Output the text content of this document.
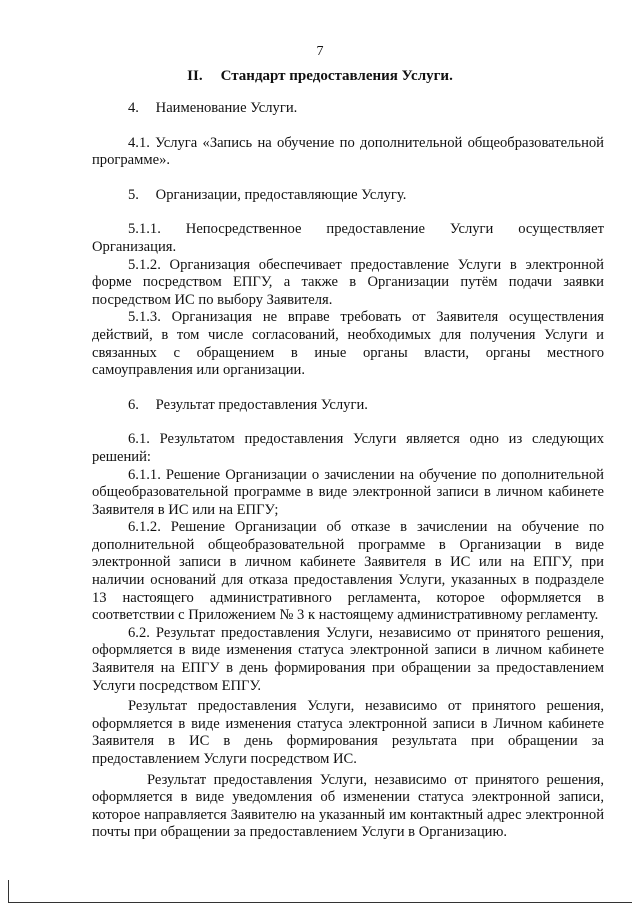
7
II. Стандарт предоставления Услуги.
4. Наименование Услуги.

4.1. Услуга «Запись на обучение по дополнительной общеобразовательной программе».

5. Организации, предоставляющие Услугу.

5.1.1. Непосредственное предоставление Услуги осуществляет Организация.

5.1.2. Организация обеспечивает предоставление Услуги в электронной форме посредством ЕПГУ, а также в Организации путём подачи заявки посредством ИС по выбору Заявителя.

5.1.3. Организация не вправе требовать от Заявителя осуществления действий, в том числе согласований, необходимых для получения Услуги и связанных с обращением в иные органы власти, органы местного самоуправления или организации.

6. Результат предоставления Услуги.

6.1. Результатом предоставления Услуги является одно из следующих решений:

6.1.1. Решение Организации о зачислении на обучение по дополнительной общеобразовательной программе в виде электронной записи в личном кабинете Заявителя в ИС или на ЕПГУ;

6.1.2. Решение Организации об отказе в зачислении на обучение по дополнительной общеобразовательной программе в Организации в виде электронной записи в личном кабинете Заявителя в ИС или на ЕПГУ, при наличии оснований для отказа предоставления Услуги, указанных в подразделе 13 настоящего административного регламента, которое оформляется в соответствии с Приложением № 3 к настоящему административному регламенту.

6.2. Результат предоставления Услуги, независимо от принятого решения, оформляется в виде изменения статуса электронной записи в личном кабинете Заявителя на ЕПГУ в день формирования при обращении за предоставлением Услуги посредством ЕПГУ.

Результат предоставления Услуги, независимо от принятого решения, оформляется в виде изменения статуса электронной записи в Личном кабинете Заявителя в ИС в день формирования результата при обращении за предоставлением Услуги посредством ИС.

Результат предоставления Услуги, независимо от принятого решения, оформляется в виде уведомления об изменении статуса электронной записи, которое направляется Заявителю на указанный им контактный адрес электронной почты при обращении за предоставлением Услуги в Организацию.
